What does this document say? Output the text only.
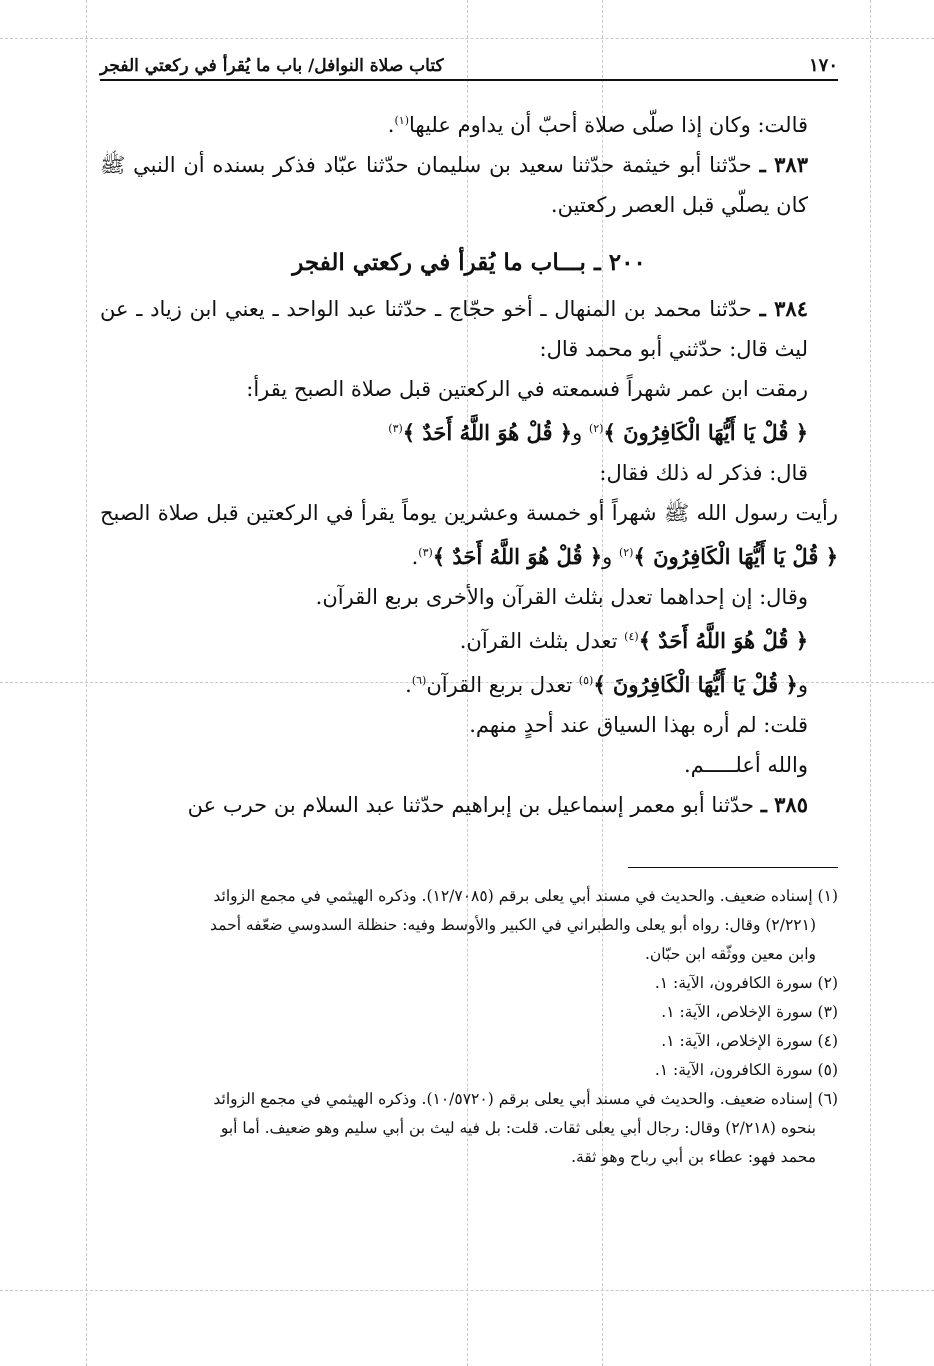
١٧٠
كتاب صلاة النوافل/ باب ما يُقرأ في ركعتي الفجر

قالت: وكان إذا صلّى صلاة أحبّ أن يداوم عليها$^{(١)}$.

٣٨٣ ـ حدّثنا أبو خيثمة حدّثنا سعيد بن سليمان حدّثنا عبّاد فذكر بسنده أن النبي ﷺ كان يصلّي قبل العصر ركعتين.

٢٠٠ ـ بـــاب ما يُقرأ في ركعتي الفجر

٣٨٤ ـ حدّثنا محمد بن المنهال ـ أخو حجّاج ـ حدّثنا عبد الواحد ـ يعني ابن زياد ـ عن ليث قال: حدّثني أبو محمد قال:

رمقت ابن عمر شهراً فسمعته في الركعتين قبل صلاة الصبح يقرأ:

﴿ قُلْ يَا أَيُّهَا الْكَافِرُونَ ﴾$^{(٢)}$ و﴿ قُلْ هُوَ اللَّهُ أَحَدٌ ﴾$^{(٣)}$

قال: فذكر له ذلك فقال:

رأيت رسول الله ﷺ شهراً أو خمسة وعشرين يوماً يقرأ في الركعتين قبل صلاة الصبح ﴿ قُلْ يَا أَيُّهَا الْكَافِرُونَ ﴾$^{(٢)}$ و﴿ قُلْ هُوَ اللَّهُ أَحَدٌ ﴾$^{(٣)}$.

وقال: إن إحداهما تعدل بثلث القرآن والأخرى بربع القرآن.

﴿ قُلْ هُوَ اللَّهُ أَحَدٌ ﴾$^{(٤)}$ تعدل بثلث القرآن.

و﴿ قُلْ يَا أَيُّهَا الْكَافِرُونَ ﴾$^{(٥)}$ تعدل بربع القرآن$^{(٦)}$.

قلت: لم أره بهذا السياق عند أحدٍ منهم.

والله أعلـــــم.

٣٨٥ ـ حدّثنا أبو معمر إسماعيل بن إبراهيم حدّثنا عبد السلام بن حرب عن

(١) إسناده ضعيف. والحديث في مسند أبي يعلى برقم (١٢/٧٠٨٥). وذكره الهيثمي في مجمع الزوائد

(٢/٢٢١) وقال: رواه أبو يعلى والطبراني في الكبير والأوسط وفيه: حنظلة السدوسي ضعّفه أحمد

وابن معين ووثّقه ابن حبّان.

(٢) سورة الكافرون، الآية: ١.

(٣) سورة الإخلاص، الآية: ١.

(٤) سورة الإخلاص، الآية: ١.

(٥) سورة الكافرون، الآية: ١.

(٦) إسناده ضعيف. والحديث في مسند أبي يعلى برقم (١٠/٥٧٢٠). وذكره الهيثمي في مجمع الزوائد

بنحوه (٢/٢١٨) وقال: رجال أبي يعلى ثقات. قلت: بل فيه ليث بن أبي سليم وهو ضعيف. أما أبو

محمد فهو: عطاء بن أبي رباح وهو ثقة.
